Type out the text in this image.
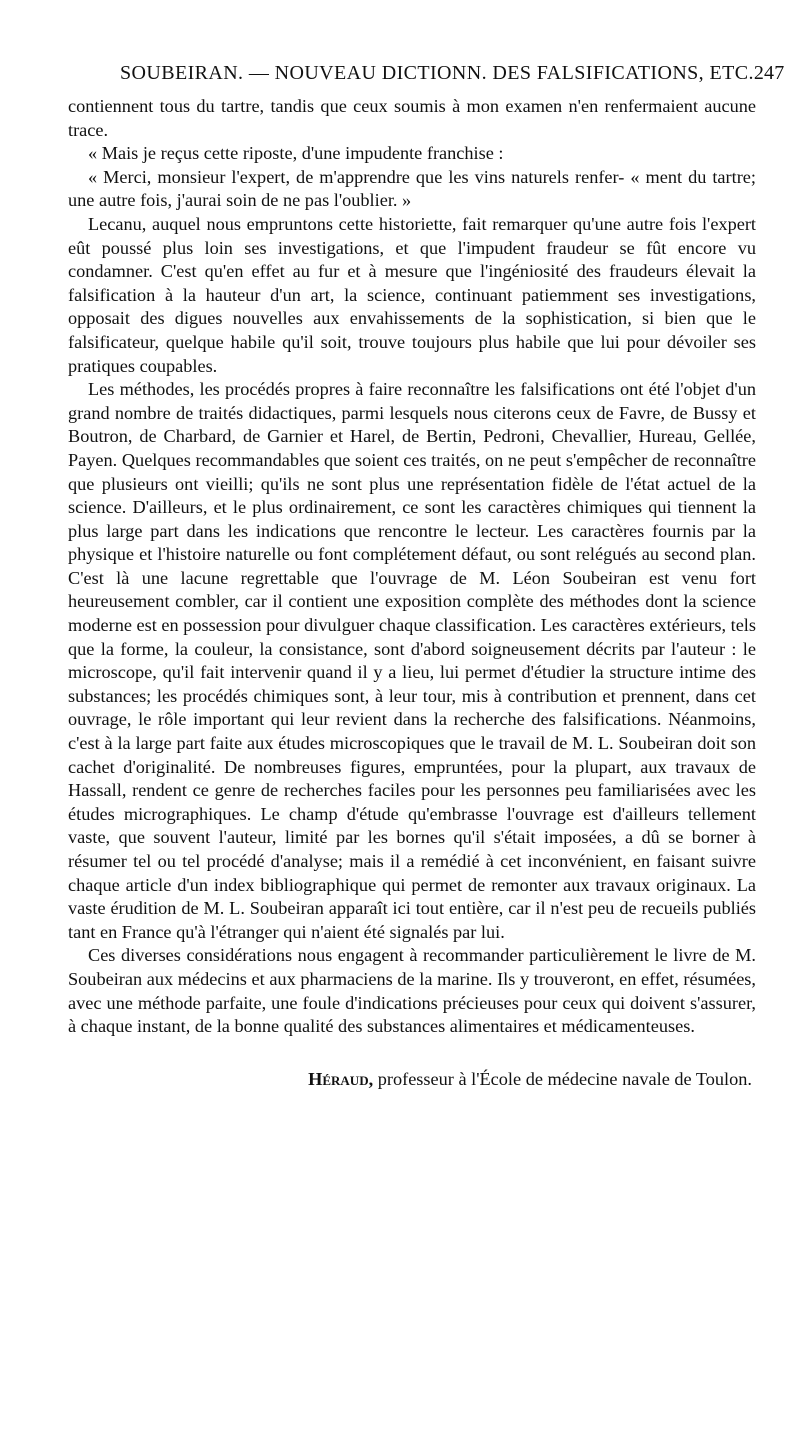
SOUBEIRAN. — NOUVEAU DICTIONN. DES FALSIFICATIONS, ETC. 247

contiennent tous du tartre, tandis que ceux soumis à mon examen n'en renfermaient aucune trace.

« Mais je reçus cette riposte, d'une impudente franchise :

« Merci, monsieur l'expert, de m'apprendre que les vins naturels renfer- « ment du tartre; une autre fois, j'aurai soin de ne pas l'oublier. »

Lecanu, auquel nous empruntons cette historiette, fait remarquer qu'une autre fois l'expert eût poussé plus loin ses investigations, et que l'impudent fraudeur se fût encore vu condamner. C'est qu'en effet au fur et à mesure que l'ingéniosité des fraudeurs élevait la falsification à la hauteur d'un art, la science, continuant patiemment ses investigations, opposait des digues nouvelles aux envahissements de la sophistication, si bien que le falsificateur, quelque habile qu'il soit, trouve toujours plus habile que lui pour dévoiler ses pratiques coupables.

Les méthodes, les procédés propres à faire reconnaître les falsifications ont été l'objet d'un grand nombre de traités didactiques, parmi lesquels nous citerons ceux de Favre, de Bussy et Boutron, de Charbard, de Garnier et Harel, de Bertin, Pedroni, Chevallier, Hureau, Gellée, Payen. Quelques recommandables que soient ces traités, on ne peut s'empêcher de reconnaître que plusieurs ont vieilli; qu'ils ne sont plus une représentation fidèle de l'état actuel de la science. D'ailleurs, et le plus ordinairement, ce sont les caractères chimiques qui tiennent la plus large part dans les indications que rencontre le lecteur. Les caractères fournis par la physique et l'histoire naturelle ou font complétement défaut, ou sont relégués au second plan. C'est là une lacune regrettable que l'ouvrage de M. Léon Soubeiran est venu fort heureusement combler, car il contient une exposition complète des méthodes dont la science moderne est en possession pour divulguer chaque classification. Les caractères extérieurs, tels que la forme, la couleur, la consistance, sont d'abord soigneusement décrits par l'auteur : le microscope, qu'il fait intervenir quand il y a lieu, lui permet d'étudier la structure intime des substances; les procédés chimiques sont, à leur tour, mis à contribution et prennent, dans cet ouvrage, le rôle important qui leur revient dans la recherche des falsifications. Néanmoins, c'est à la large part faite aux études microscopiques que le travail de M. L. Soubeiran doit son cachet d'originalité. De nombreuses figures, empruntées, pour la plupart, aux travaux de Hassall, rendent ce genre de recherches faciles pour les personnes peu familiarisées avec les études micrographiques. Le champ d'étude qu'embrasse l'ouvrage est d'ailleurs tellement vaste, que souvent l'auteur, limité par les bornes qu'il s'était imposées, a dû se borner à résumer tel ou tel procédé d'analyse; mais il a remédié à cet inconvénient, en faisant suivre chaque article d'un index bibliographique qui permet de remonter aux travaux originaux. La vaste érudition de M. L. Soubeiran apparaît ici tout entière, car il n'est peu de recueils publiés tant en France qu'à l'étranger qui n'aient été signalés par lui.

Ces diverses considérations nous engagent à recommander particulièrement le livre de M. Soubeiran aux médecins et aux pharmaciens de la marine. Ils y trouveront, en effet, résumées, avec une méthode parfaite, une foule d'indications précieuses pour ceux qui doivent s'assurer, à chaque instant, de la bonne qualité des substances alimentaires et médicamenteuses.

Héraud, professeur à l'École de médecine navale de Toulon.
